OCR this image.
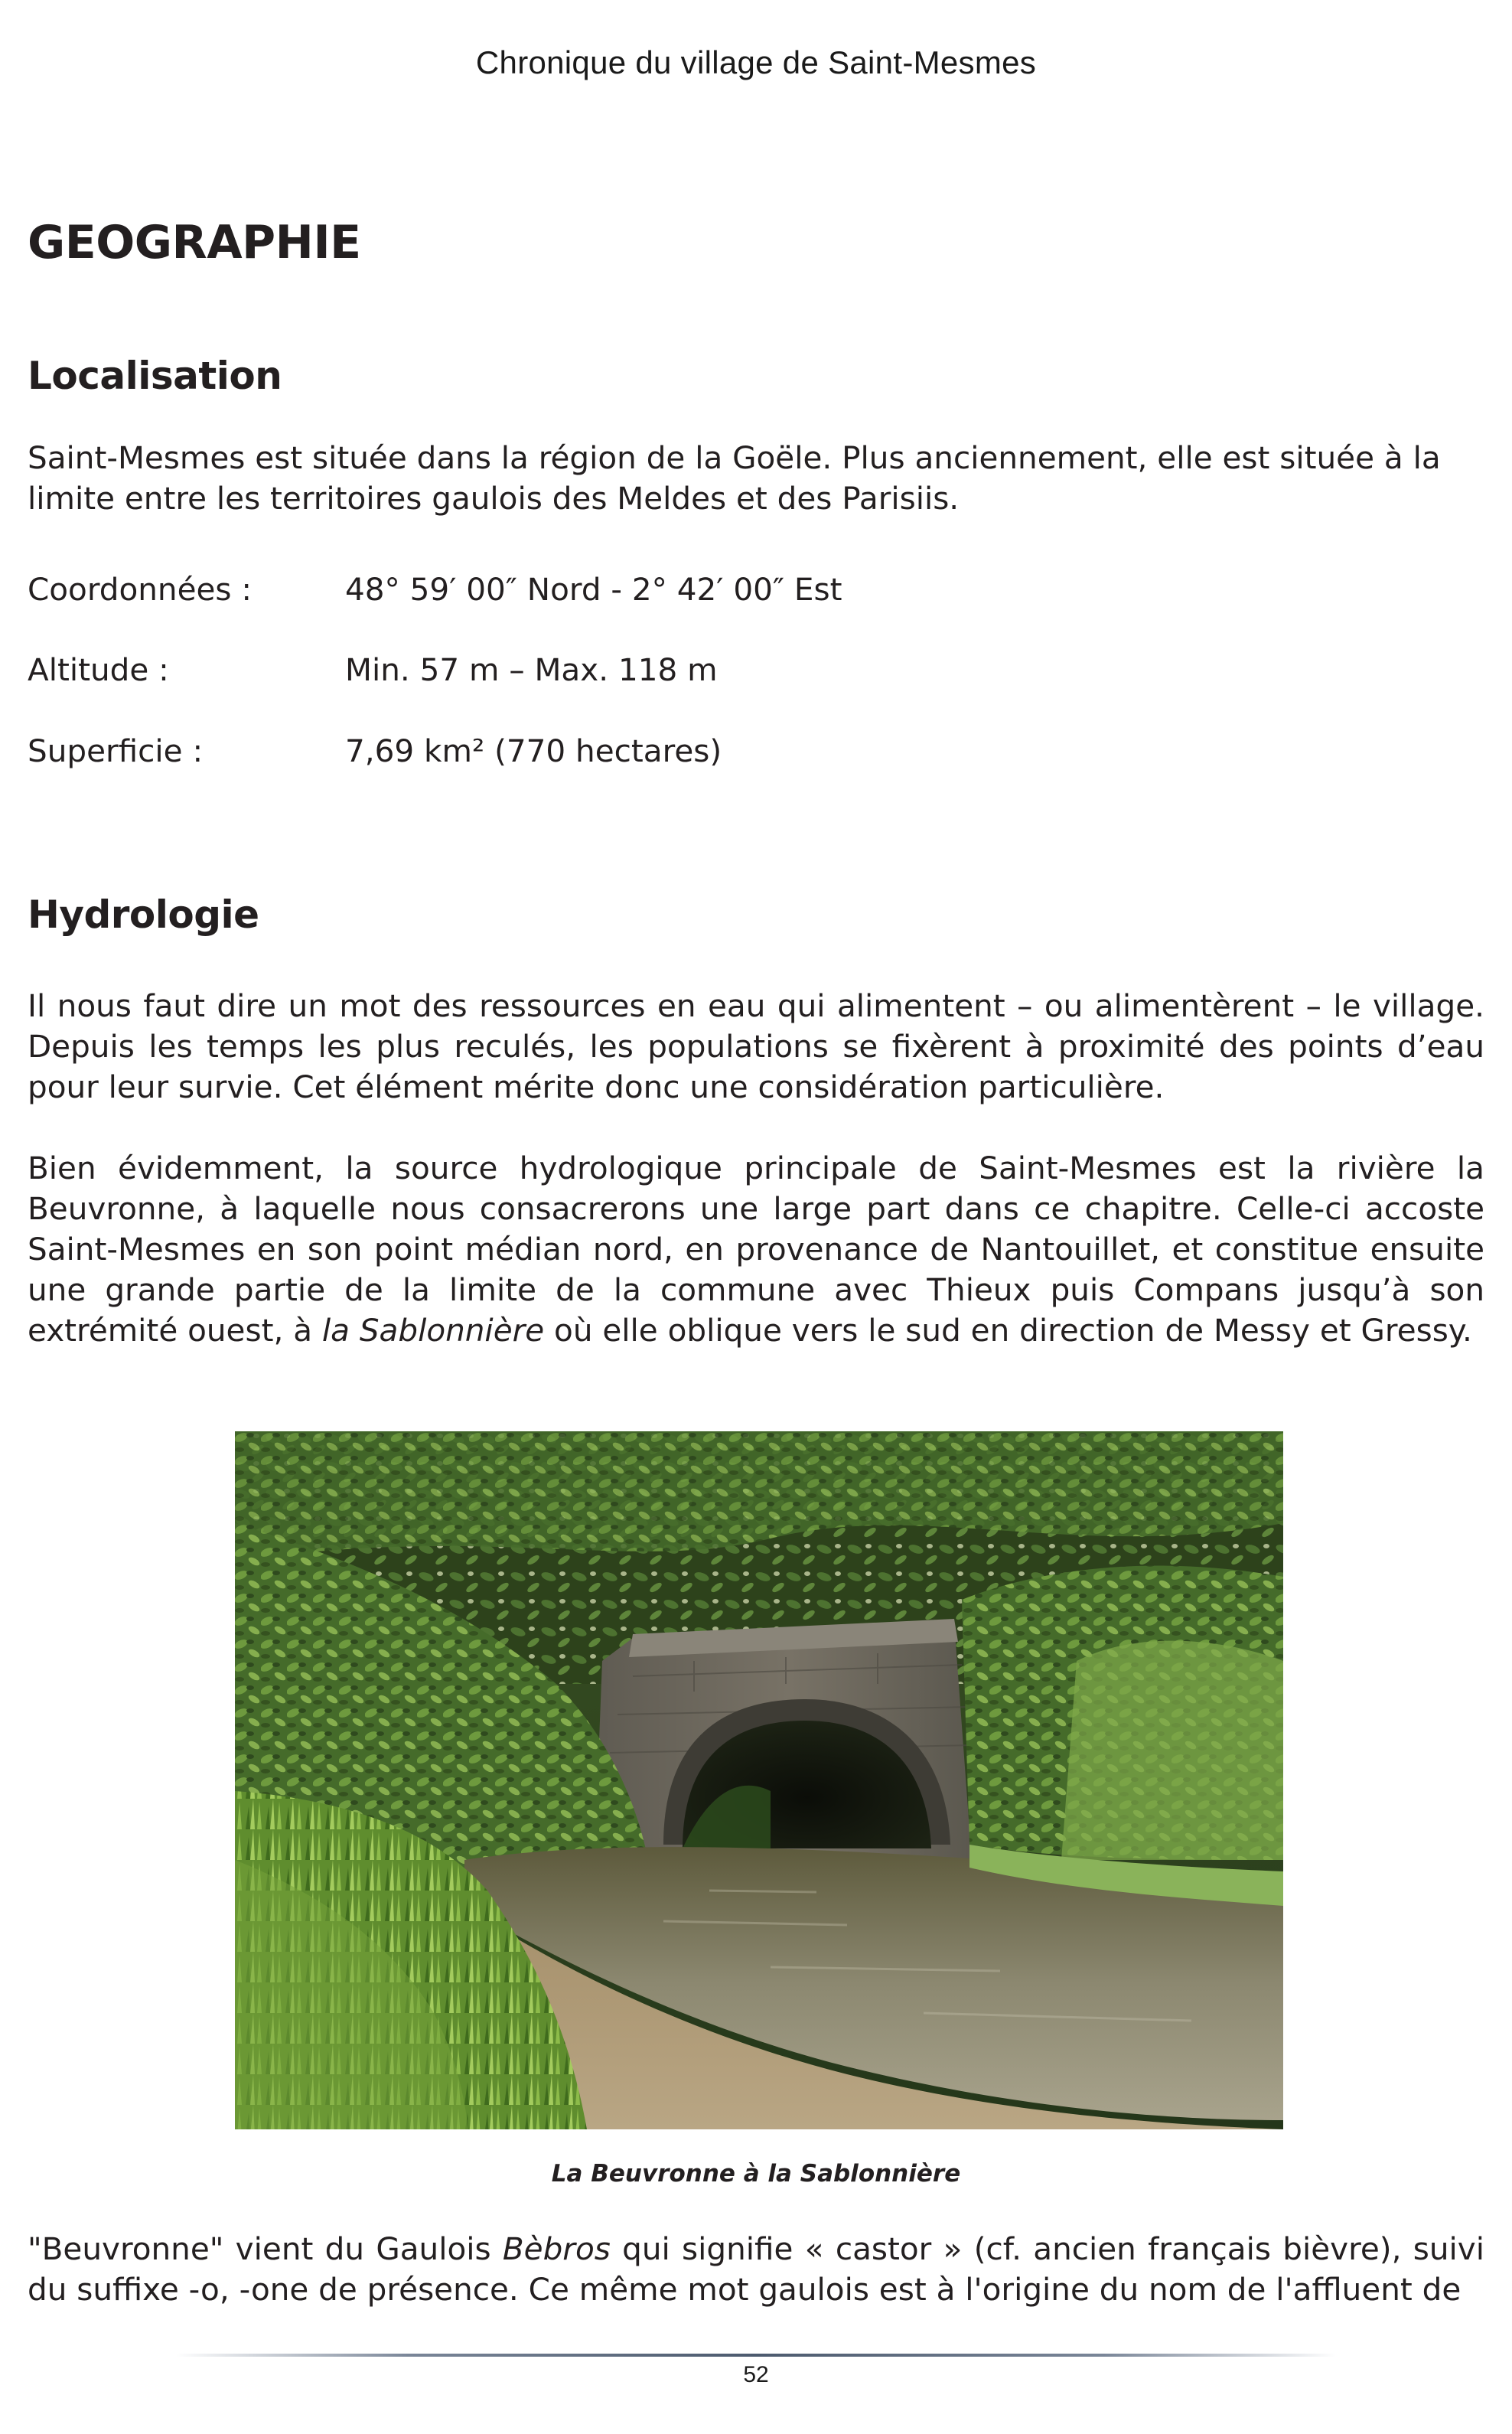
Chronique du village de Saint-Mesmes
GEOGRAPHIE
Localisation

Saint-Mesmes est située dans la région de la Goële. Plus anciennement, elle est située à la limite entre les territoires gaulois des Meldes et des Parisiis.

Coordonnées :	48° 59′ 00″ Nord - 2° 42′ 00″ Est
Altitude :	Min. 57 m – Max. 118 m
Superficie :	7,69 km² (770 hectares)
Hydrologie

Il nous faut dire un mot des ressources en eau qui alimentent – ou alimentèrent – le village. Depuis les temps les plus reculés, les populations se fixèrent à proximité des points d’eau pour leur survie. Cet élément mérite donc une considération particulière.

Bien évidemment, la source hydrologique principale de Saint-Mesmes est la rivière la Beuvronne, à laquelle nous consacrerons une large part dans ce chapitre. Celle-ci accoste Saint-Mesmes en son point médian nord, en provenance de Nantouillet, et constitue ensuite une grande partie de la limite de la commune avec Thieux puis Compans jusqu’à son extrémité ouest, à la Sablonnière où elle oblique vers le sud en direction de Messy et Gressy.

La Beuvronne à la Sablonnière

"Beuvronne" vient du Gaulois Bèbros qui signifie « castor » (cf. ancien français bièvre), suivi du suffixe -o, -one de présence. Ce même mot gaulois est à l'origine du nom de l'affluent de

52
